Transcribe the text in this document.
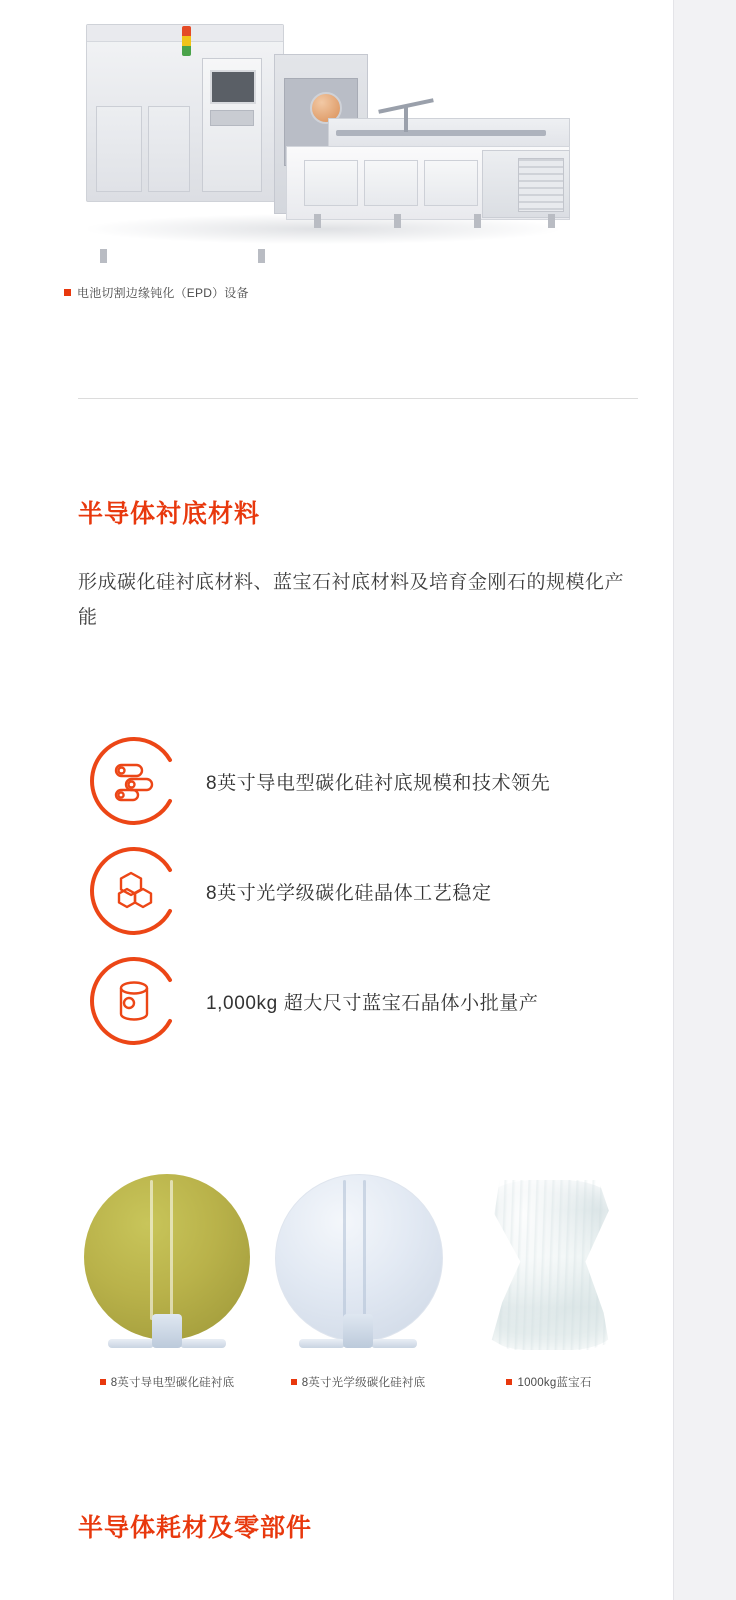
电池切割边缘钝化（EPD）设备
半导体衬底材料
形成碳化硅衬底材料、蓝宝石衬底材料及培育金刚石的规模化产能
8英寸导电型碳化硅衬底规模和技术领先
8英寸光学级碳化硅晶体工艺稳定
1,000kg 超大尺寸蓝宝石晶体小批量产
8英寸导电型碳化硅衬底	8英寸光学级碳化硅衬底	1000kg蓝宝石
半导体耗材及零部件
